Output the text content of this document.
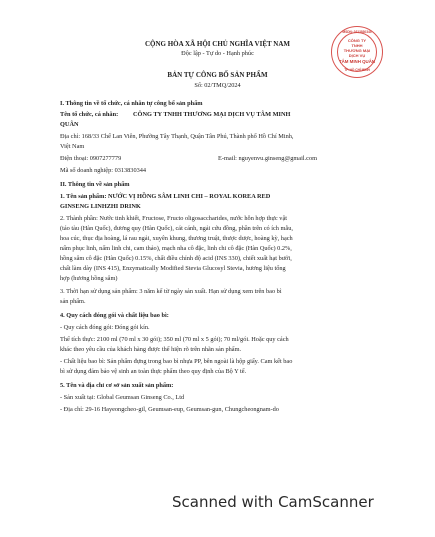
CỘNG HÒA XÃ HỘI CHỦ NGHĨA VIỆT NAM
Độc lập - Tự do - Hạnh phúc
BẢN TỰ CÔNG BỐ SẢN PHẨM
Số: 02/TMQ/2024
MSDN: 0313830344
CÔNG TY
TNHH
THƯƠNG MẠI
DỊCH VỤ
TÂM MINH QUÂN
TP. HỒ CHÍ MINH
I. Thông tin về tổ chức, cá nhân tự công bố sản phẩm
Tên tổ chức, cá nhân: CÔNG TY TNHH THƯƠNG MẠI DỊCH VỤ TÂM MINH
QUÂN
Địa chỉ: 168/33 Chế Lan Viên, Phường Tây Thạnh, Quận Tân Phú, Thành phố Hồ Chí Minh,
Việt Nam
Điện thoại: 0907277779	E-mail: nguyenvu.ginseng@gmail.com
Mã số doanh nghiệp: 0313830344
II. Thông tin về sản phẩm
1. Tên sản phẩm: NƯỚC VỊ HỒNG SÂM LINH CHI – ROYAL KOREA RED
GINSENG LINHZHI DRINK
2. Thành phần: Nước tinh khiết, Fructose, Fructo oligosaccharides, nước hỗn hợp thực vật
(táo tàu (Hàn Quốc), đương quy (Hàn Quốc), cát cánh, ngải cứu đồng, phần trên có ích mẫu,
hoa cúc, thục địa hoàng, lá rau ngải, xuyên khung, thương truật, thược dược, hoàng kỳ, hạch
nấm phục linh, nấm linh chi, cam thảo), mạch nha cô đặc, linh chi cô đặc (Hàn Quốc) 0.2%,
hồng sâm cô đặc (Hàn Quốc) 0.15%, chất điều chỉnh độ acid (INS 330), chiết xuất hạt bưởi,
chất làm dày (INS 415), Enzymatically Modified Stevia Glucosyl Stevia, hương liệu tổng
hợp (hương hồng sâm)
3. Thời hạn sử dụng sản phẩm: 3 năm kể từ ngày sản xuất. Hạn sử dụng xem trên bao bì
sản phẩm.
4. Quy cách đóng gói và chất liệu bao bì:
- Quy cách đóng gói: Đóng gói kín.
Thể tích thực: 2100 ml (70 ml x 30 gói); 350 ml (70 ml x 5 gói); 70 ml/gói. Hoặc quy cách
khác theo yêu cầu của khách hàng được thể hiện rõ trên nhãn sản phẩm.
- Chất liệu bao bì: Sản phẩm đựng trong bao bì nhựa PP, bên ngoài là hộp giấy. Cam kết bao
bì sử dụng đảm bảo vệ sinh an toàn thực phẩm theo quy định của Bộ Y tế.
5. Tên và địa chỉ cơ sở sản xuất sản phẩm:
- Sản xuất tại: Global Geumsan Ginseng Co., Ltd
- Địa chỉ: 29-16 Hayeongcheo-gil, Geumsan-eup, Geumsan-gun, Chungcheongnam-do
Scanned with CamScanner
